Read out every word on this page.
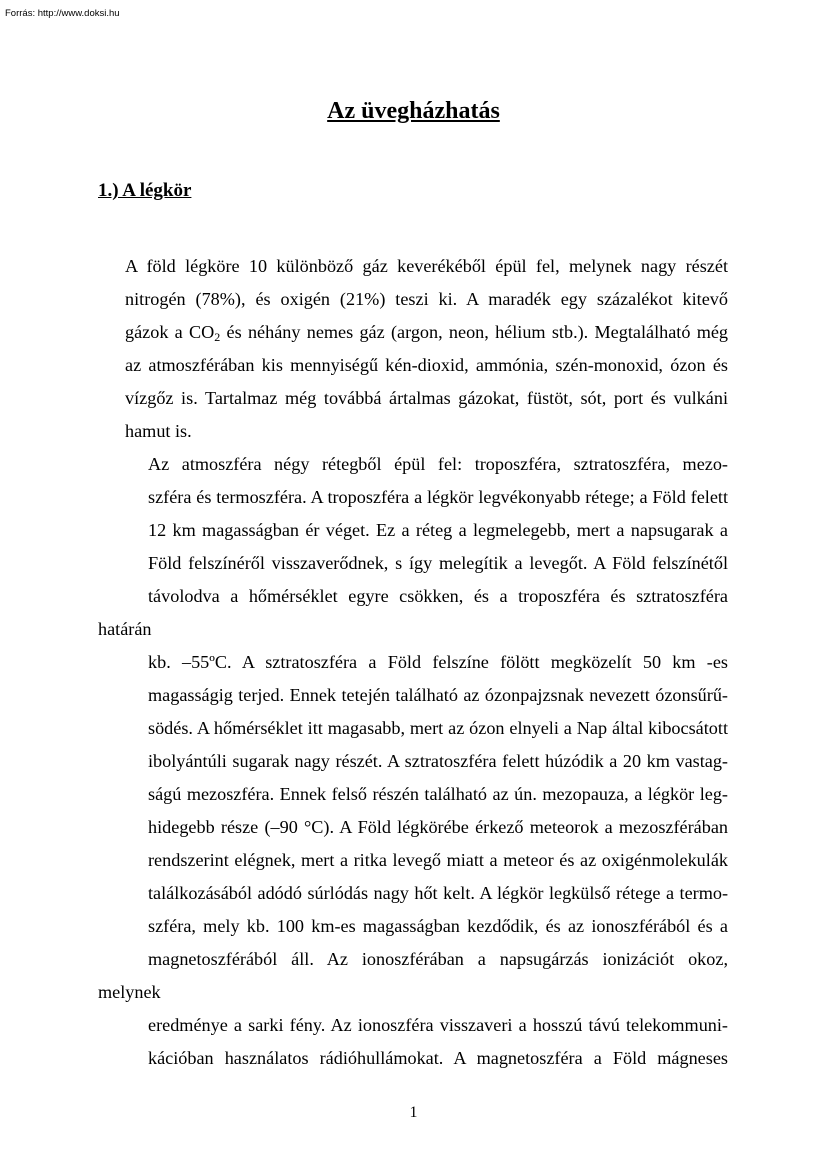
Forrás: http://www.doksi.hu
Az üvegházhatás
1.) A légkör

A föld légköre 10 különböző gáz keverékéből épül fel, melynek nagy részét
nitrogén (78%), és oxigén (21%) teszi ki. A maradék egy százalékot kitevő
gázok a $CO_2$ és néhány nemes gáz (argon, neon, hélium stb.). Megtalálható még
az atmoszférában kis mennyiségű kén-dioxid, ammónia, szén-monoxid, ózon és
vízgőz is. Tartalmaz még továbbá ártalmas gázokat, füstöt, sót, port és vulkáni
hamut is.

Az atmoszféra négy rétegből épül fel: troposzféra, sztratoszféra, mezo-
szféra és termoszféra. A troposzféra a légkör legvékonyabb rétege; a Föld felett
12 km magasságban ér véget. Ez a réteg a legmelegebb, mert a napsugarak a
Föld felszínéről visszaverődnek, s így melegítik a levegőt. A Föld felszínétől
távolodva a hőmérséklet egyre csökken, és a troposzféra és sztratoszféra határán
kb. –55ºC. A sztratoszféra a Föld felszíne fölött megközelít 50 km -es
magasságig terjed. Ennek tetején található az ózonpajzsnak nevezett ózonsűrű-
södés. A hőmérséklet itt magasabb, mert az ózon elnyeli a Nap által kibocsátott
ibolyántúli sugarak nagy részét. A sztratoszféra felett húzódik a 20 km vastag-
ságú mezoszféra. Ennek felső részén található az ún. mezopauza, a légkör leg-
hidegebb része (–90 °C). A Föld légkörébe érkező meteorok a mezoszférában
rendszerint elégnek, mert a ritka levegő miatt a meteor és az oxigénmolekulák
találkozásából adódó súrlódás nagy hőt kelt. A légkör legkülső rétege a termo-
szféra, mely kb. 100 km-es magasságban kezdődik, és az ionoszférából és a
magnetoszférából áll. Az ionoszférában a napsugárzás ionizációt okoz, melynek
eredménye a sarki fény. Az ionoszféra visszaveri a hosszú távú telekommuni-
kációban használatos rádióhullámokat. A magnetoszféra a Föld mágneses

1
